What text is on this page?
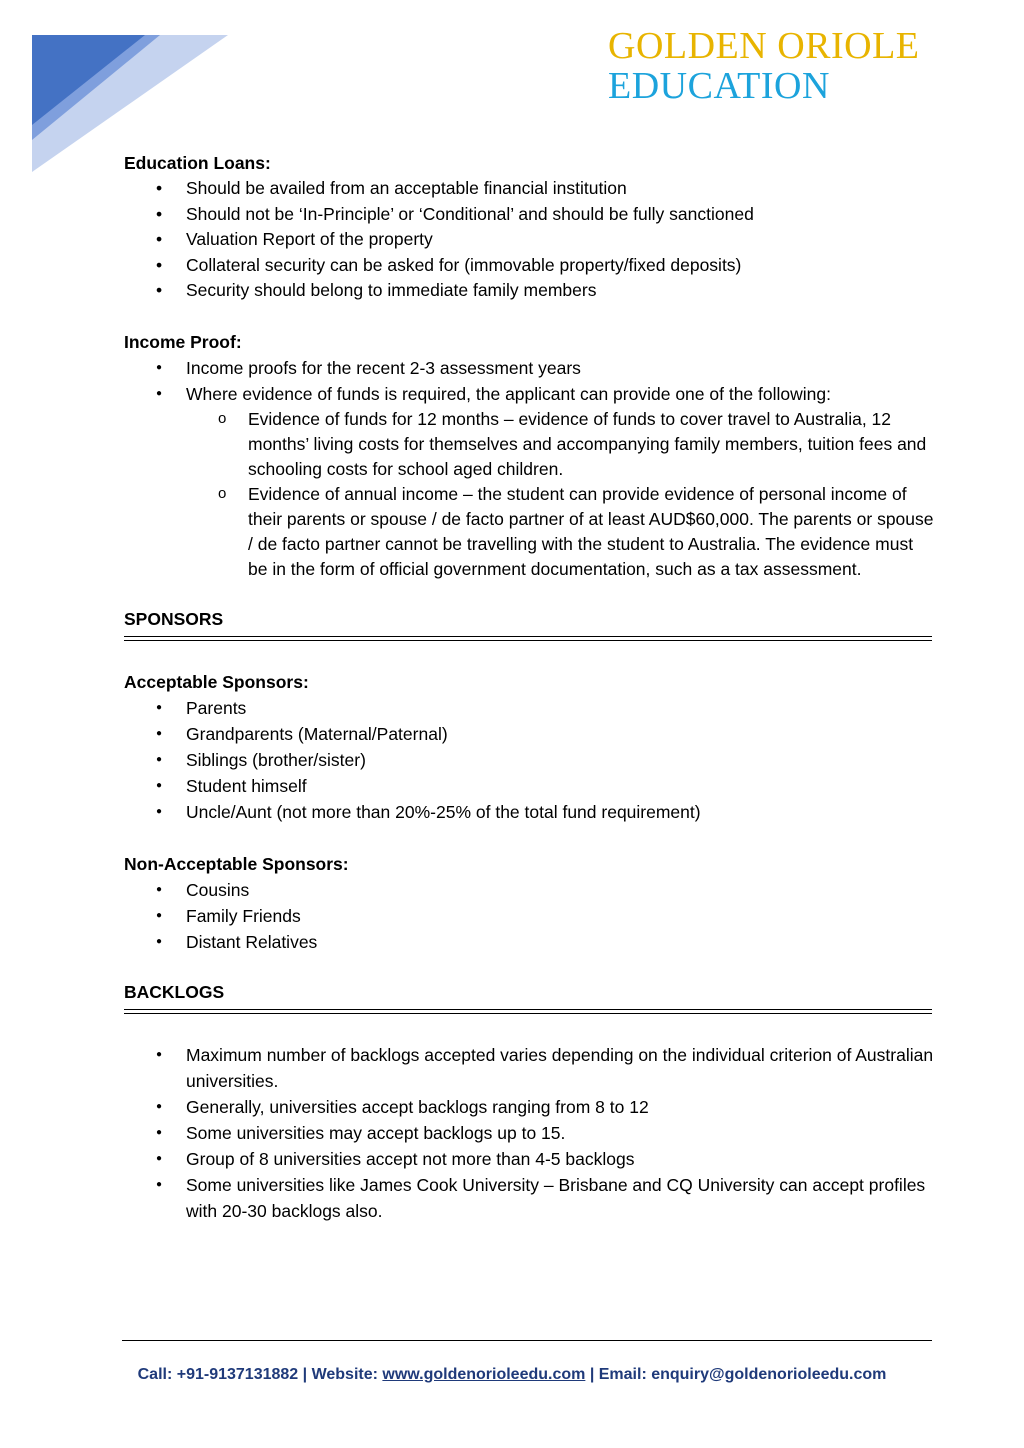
GOLDEN ORIOLE
EDUCATION
Education Loans:
• Should be availed from an acceptable financial institution
• Should not be ‘In-Principle’ or ‘Conditional’ and should be fully sanctioned
• Valuation Report of the property
• Collateral security can be asked for (immovable property/fixed deposits)
• Security should belong to immediate family members
Income Proof:
● Income proofs for the recent 2-3 assessment years
● Where evidence of funds is required, the applicant can provide one of the following:
o Evidence of funds for 12 months – evidence of funds to cover travel to Australia, 12 months’ living costs for themselves and accompanying family members, tuition fees and schooling costs for school aged children.
o Evidence of annual income – the student can provide evidence of personal income of their parents or spouse / de facto partner of at least AUD$60,000. The parents or spouse / de facto partner cannot be travelling with the student to Australia. The evidence must be in the form of official government documentation, such as a tax assessment.
SPONSORS
Acceptable Sponsors:
● Parents
● Grandparents (Maternal/Paternal)
● Siblings (brother/sister)
● Student himself
● Uncle/Aunt (not more than 20%-25% of the total fund requirement)
Non-Acceptable Sponsors:
● Cousins
● Family Friends
● Distant Relatives
BACKLOGS
● Maximum number of backlogs accepted varies depending on the individual criterion of Australian universities.
● Generally, universities accept backlogs ranging from 8 to 12
● Some universities may accept backlogs up to 15.
● Group of 8 universities accept not more than 4-5 backlogs
● Some universities like James Cook University – Brisbane and CQ University can accept profiles with 20-30 backlogs also.
Call: +91-9137131882 | Website: www.goldenorioleedu.com | Email: enquiry@goldenorioleedu.com
